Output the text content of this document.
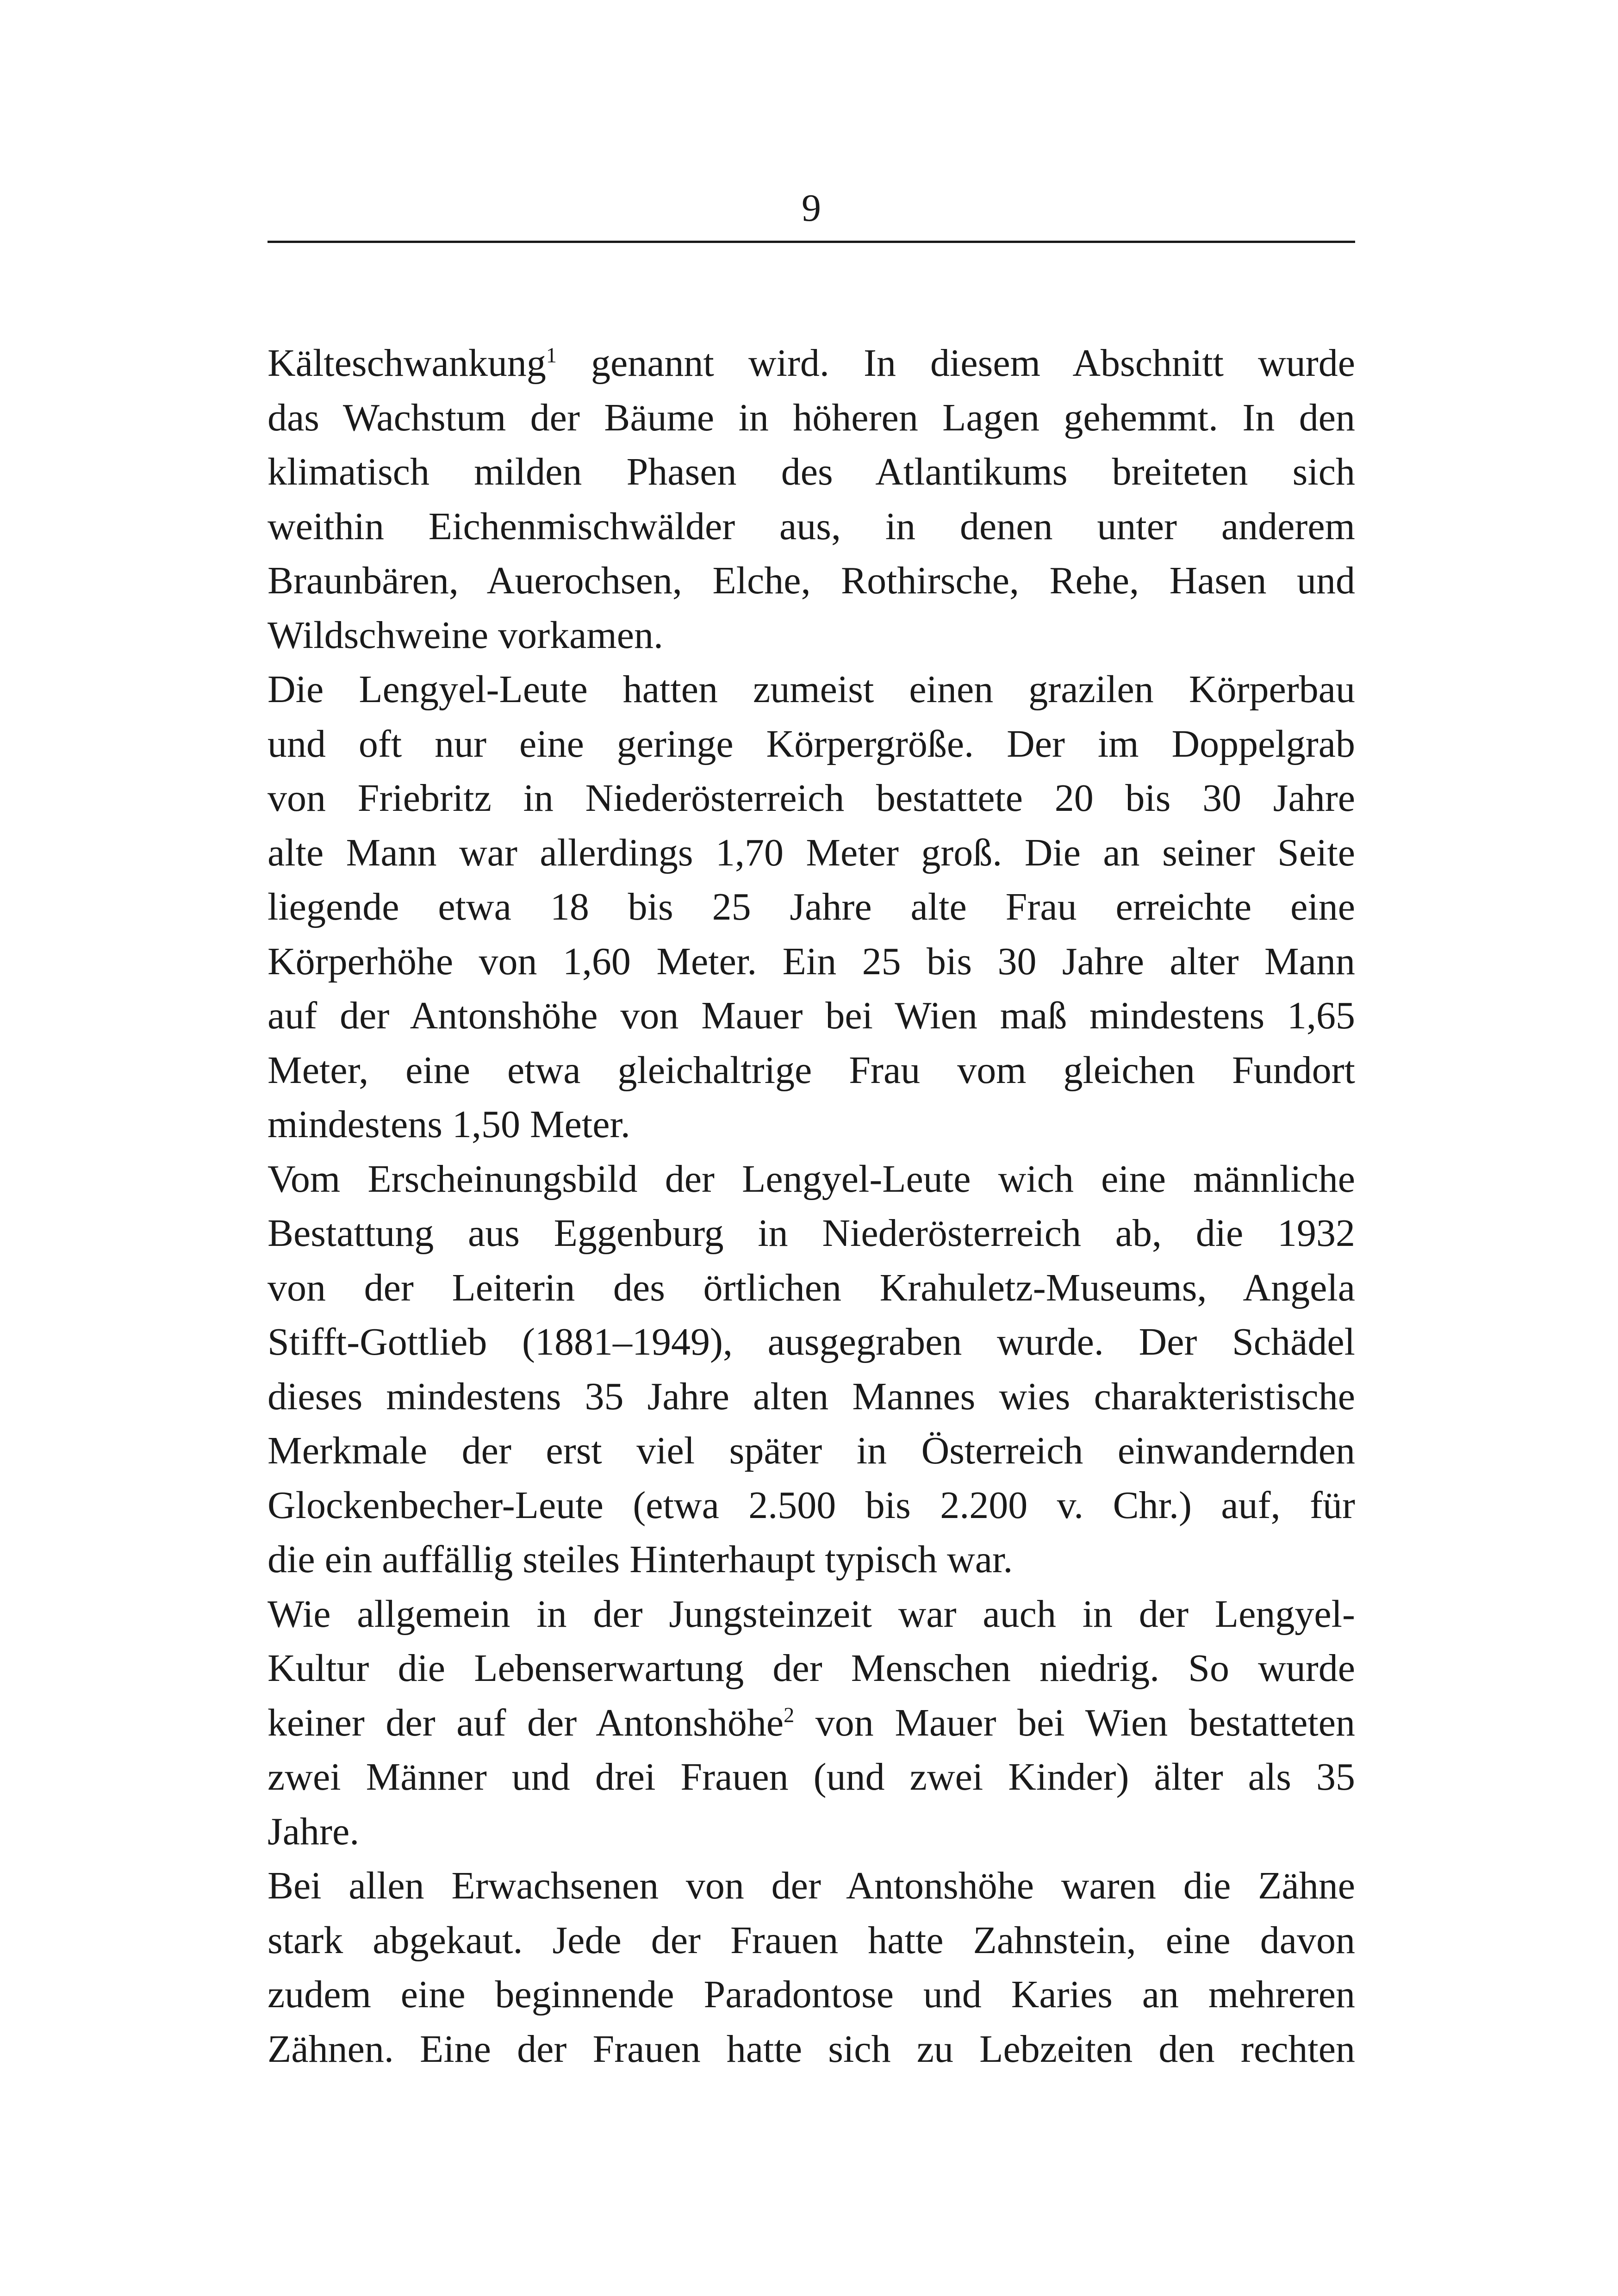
9

Kälteschwankung$^1$ genannt wird. In diesem Abschnitt wurde
das Wachstum der Bäume in höheren Lagen gehemmt. In den
klimatisch milden Phasen des Atlantikums breiteten sich
weithin Eichenmischwälder aus, in denen unter anderem
Braunbären, Auerochsen, Elche, Rothirsche, Rehe, Hasen und
Wildschweine vorkamen.

Die Lengyel-Leute hatten zumeist einen grazilen Körperbau
und oft nur eine geringe Körpergröße. Der im Doppelgrab
von Friebritz in Niederösterreich bestattete 20 bis 30 Jahre
alte Mann war allerdings 1,70 Meter groß. Die an seiner Seite
liegende etwa 18 bis 25 Jahre alte Frau erreichte eine
Körperhöhe von 1,60 Meter. Ein 25 bis 30 Jahre alter Mann
auf der Antonshöhe von Mauer bei Wien maß mindestens 1,65
Meter, eine etwa gleichaltrige Frau vom gleichen Fundort
mindestens 1,50 Meter.

Vom Erscheinungsbild der Lengyel-Leute wich eine männliche
Bestattung aus Eggenburg in Niederösterreich ab, die 1932
von der Leiterin des örtlichen Krahuletz-Museums, Angela
Stifft-Gottlieb (1881–1949), ausgegraben wurde. Der Schädel
dieses mindestens 35 Jahre alten Mannes wies charakteristische
Merkmale der erst viel später in Österreich einwandernden
Glockenbecher-Leute (etwa 2.500 bis 2.200 v. Chr.) auf, für
die ein auffällig steiles Hinterhaupt typisch war.

Wie allgemein in der Jungsteinzeit war auch in der Lengyel-
Kultur die Lebenserwartung der Menschen niedrig. So wurde
keiner der auf der Antonshöhe$^2$ von Mauer bei Wien bestatteten
zwei Männer und drei Frauen (und zwei Kinder) älter als 35
Jahre.

Bei allen Erwachsenen von der Antonshöhe waren die Zähne
stark abgekaut. Jede der Frauen hatte Zahnstein, eine davon
zudem eine beginnende Paradontose und Karies an mehreren
Zähnen. Eine der Frauen hatte sich zu Lebzeiten den rechten
